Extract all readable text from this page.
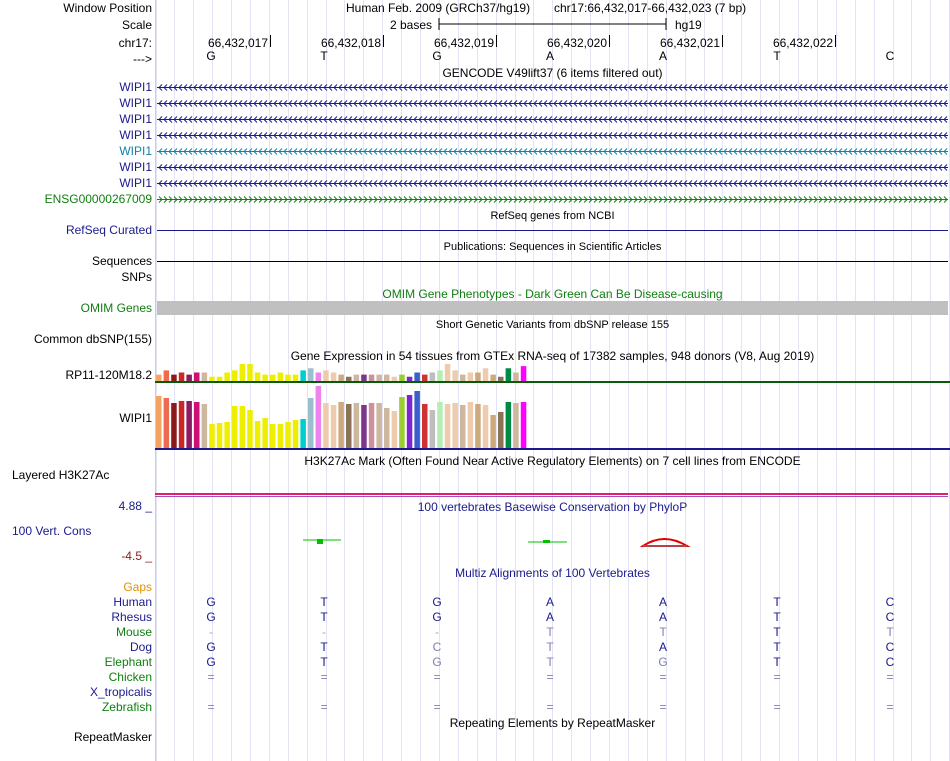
Window Position
Scale
chr17:
--->
Human Feb. 2009 (GRCh37/hg19) chr17:66,432,017-66,432,023 (7 bp)
2 bases	hg19
66,432,017	66,432,018	66,432,019	66,432,020	66,432,021	66,432,022
G	T	G	A	A	T	C
GENCODE V49lift37 (6 items filtered out)
WIPI1
WIPI1
WIPI1
WIPI1
WIPI1
WIPI1
WIPI1
ENSG00000267009
RefSeq genes from NCBI
RefSeq Curated
Publications: Sequences in Scientific Articles
Sequences
SNPs
OMIM Gene Phenotypes - Dark Green Can Be Disease-causing
OMIM Genes
Short Genetic Variants from dbSNP release 155
Common dbSNP(155)
Gene Expression in 54 tissues from GTEx RNA-seq of 17382 samples, 948 donors (V8, Aug 2019)
RP11-120M18.2
WIPI1
H3K27Ac Mark (Often Found Near Active Regulatory Elements) on 7 cell lines from ENCODE
Layered H3K27Ac
100 vertebrates Basewise Conservation by PhyloP
4.88 _
100 Vert. Cons
-4.5 _
Multiz Alignments of 100 Vertebrates
Gaps
Human	G	T	G	A	A	T	C
Rhesus	G	T	G	A	A	T	C
Mouse	-	-	-	T	T	T	T
Dog	G	T	C	T	A	T	C
Elephant	G	T	G	T	G	T	C
Chicken	=	=	=	=	=	=	=
X_tropicalis
Zebrafish	=	=	=	=	=	=	=
Repeating Elements by RepeatMasker
RepeatMasker
